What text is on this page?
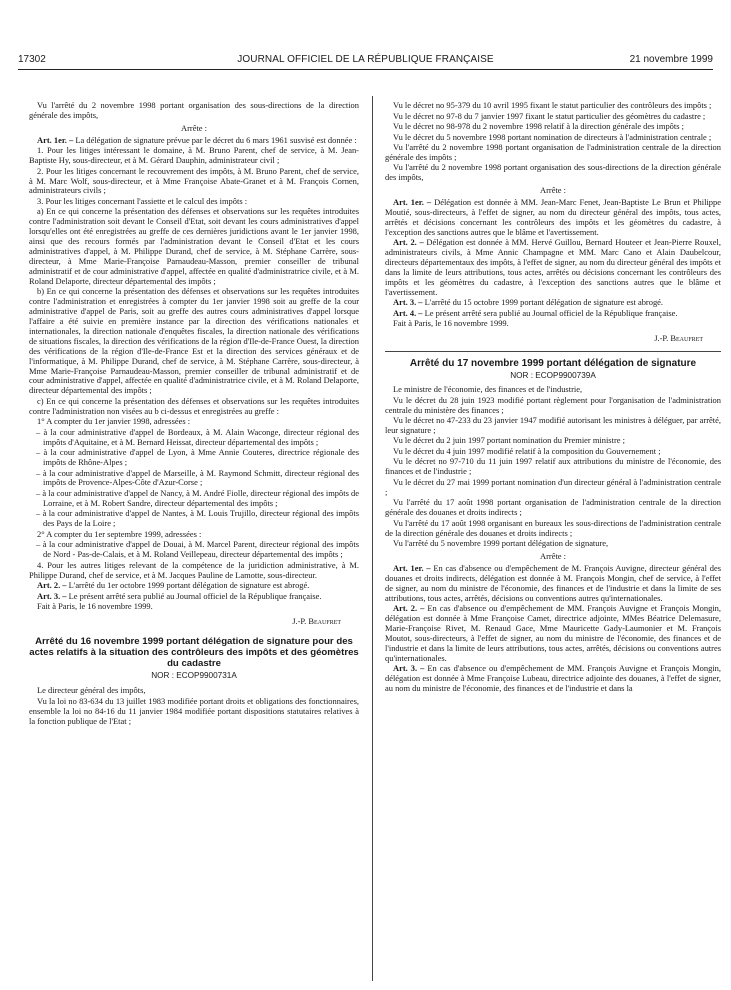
17302	JOURNAL OFFICIEL DE LA RÉPUBLIQUE FRANÇAISE	21 novembre 1999

Vu l'arrêté du 2 novembre 1998 portant organisation des sous-directions de la direction générale des impôts,

Arrête :

Art. 1er. – La délégation de signature prévue par le décret du 6 mars 1961 susvisé est donnée :

1. Pour les litiges intéressant le domaine, à M. Bruno Parent, chef de service, à M. Jean-Baptiste Hy, sous-directeur, et à M. Gérard Dauphin, administrateur civil ;

2. Pour les litiges concernant le recouvrement des impôts, à M. Bruno Parent, chef de service, à M. Marc Wolf, sous-directeur, et à Mme Françoise Abate-Granet et à M. François Cornen, administrateurs civils ;

3. Pour les litiges concernant l'assiette et le calcul des impôts :

a) En ce qui concerne la présentation des défenses et observations sur les requêtes introduites contre l'administration soit devant le Conseil d'Etat, soit devant les cours administratives d'appel lorsqu'elles ont été enregistrées au greffe de ces dernières juridictions avant le 1er janvier 1998, ainsi que des recours formés par l'administration devant le Conseil d'Etat et les cours administratives d'appel, à M. Philippe Durand, chef de service, à M. Stéphane Carrère, sous-directeur, à Mme Marie-Françoise Parnaudeau-Masson, premier conseiller de tribunal administratif et de cour administrative d'appel, affectée en qualité d'administratrice civile, et à M. Roland Delaporte, directeur départemental des impôts ;

b) En ce qui concerne la présentation des défenses et observations sur les requêtes introduites contre l'administration et enregistrées à compter du 1er janvier 1998 soit au greffe de la cour administrative d'appel de Paris, soit au greffe des autres cours administratives d'appel lorsque l'affaire a été suivie en première instance par la direction des vérifications nationales et internationales, la direction nationale d'enquêtes fiscales, la direction nationale des vérifications de situations fiscales, la direction des vérifications de la région d'Ile-de-France Ouest, la direction des vérifications de la région d'Ile-de-France Est et la direction des services généraux et de l'informatique, à M. Philippe Durand, chef de service, à M. Stéphane Carrère, sous-directeur, à Mme Marie-Françoise Parnaudeau-Masson, premier conseiller de tribunal administratif et de cour administrative d'appel, affectée en qualité d'administratrice civile, et à M. Roland Delaporte, directeur départemental des impôts ;

c) En ce qui concerne la présentation des défenses et observations sur les requêtes introduites contre l'administration non visées au b ci-dessus et enregistrées au greffe :

1° A compter du 1er janvier 1998, adressées :

– à la cour administrative d'appel de Bordeaux, à M. Alain Waconge, directeur régional des impôts d'Aquitaine, et à M. Bernard Heissat, directeur départemental des impôts ;

– à la cour administrative d'appel de Lyon, à Mme Annie Couteres, directrice régionale des impôts de Rhône-Alpes ;

– à la cour administrative d'appel de Marseille, à M. Raymond Schmitt, directeur régional des impôts de Provence-Alpes-Côte d'Azur-Corse ;

– à la cour administrative d'appel de Nancy, à M. André Fiolle, directeur régional des impôts de Lorraine, et à M. Robert Sandre, directeur départemental des impôts ;

– à la cour administrative d'appel de Nantes, à M. Louis Trujillo, directeur régional des impôts des Pays de la Loire ;

2° A compter du 1er septembre 1999, adressées :

– à la cour administrative d'appel de Douai, à M. Marcel Parent, directeur régional des impôts de Nord - Pas-de-Calais, et à M. Roland Veillepeau, directeur départemental des impôts ;

4. Pour les autres litiges relevant de la compétence de la juridiction administrative, à M. Philippe Durand, chef de service, et à M. Jacques Pauline de Lamotte, sous-directeur.

Art. 2. – L'arrêté du 1er octobre 1999 portant délégation de signature est abrogé.

Art. 3. – Le présent arrêté sera publié au Journal officiel de la République française.

Fait à Paris, le 16 novembre 1999.

J.-P. Beaufret

Arrêté du 16 novembre 1999 portant délégation de signature pour des actes relatifs à la situation des contrôleurs des impôts et des géomètres du cadastre
NOR : ECOP9900731A

Le directeur général des impôts,

Vu la loi no 83-634 du 13 juillet 1983 modifiée portant droits et obligations des fonctionnaires, ensemble la loi no 84-16 du 11 janvier 1984 modifiée portant dispositions statutaires relatives à la fonction publique de l'Etat ;

Vu le décret no 95-379 du 10 avril 1995 fixant le statut particulier des contrôleurs des impôts ;

Vu le décret no 97-8 du 7 janvier 1997 fixant le statut particulier des géomètres du cadastre ;

Vu le décret no 98-978 du 2 novembre 1998 relatif à la direction générale des impôts ;

Vu le décret du 5 novembre 1998 portant nomination de directeurs à l'administration centrale ;

Vu l'arrêté du 2 novembre 1998 portant organisation de l'administration centrale de la direction générale des impôts ;

Vu l'arrêté du 2 novembre 1998 portant organisation des sous-directions de la direction générale des impôts,

Arrête :

Art. 1er. – Délégation est donnée à MM. Jean-Marc Fenet, Jean-Baptiste Le Brun et Philippe Moutié, sous-directeurs, à l'effet de signer, au nom du directeur général des impôts, tous actes, arrêtés et décisions concernant les contrôleurs des impôts et les géomètres du cadastre, à l'exception des sanctions autres que le blâme et l'avertissement.

Art. 2. – Délégation est donnée à MM. Hervé Guillou, Bernard Houteer et Jean-Pierre Rouxel, administrateurs civils, à Mme Annic Champagne et MM. Marc Cano et Alain Daubelcour, directeurs départementaux des impôts, à l'effet de signer, au nom du directeur général des impôts et dans la limite de leurs attributions, tous actes, arrêtés ou décisions concernant les contrôleurs des impôts et les géomètres du cadastre, à l'exception des sanctions autres que le blâme et l'avertissement.

Art. 3. – L'arrêté du 15 octobre 1999 portant délégation de signature est abrogé.

Art. 4. – Le présent arrêté sera publié au Journal officiel de la République française.

Fait à Paris, le 16 novembre 1999.

J.-P. Beaufret

Arrêté du 17 novembre 1999 portant délégation de signature
NOR : ECOP9900739A

Le ministre de l'économie, des finances et de l'industrie,

Vu le décret du 28 juin 1923 modifié portant règlement pour l'organisation de l'administration centrale du ministère des finances ;

Vu le décret no 47-233 du 23 janvier 1947 modifié autorisant les ministres à déléguer, par arrêté, leur signature ;

Vu le décret du 2 juin 1997 portant nomination du Premier ministre ;

Vu le décret du 4 juin 1997 modifié relatif à la composition du Gouvernement ;

Vu le décret no 97-710 du 11 juin 1997 relatif aux attributions du ministre de l'économie, des finances et de l'industrie ;

Vu le décret du 27 mai 1999 portant nomination d'un directeur général à l'administration centrale ;

Vu l'arrêté du 17 août 1998 portant organisation de l'administration centrale de la direction générale des douanes et droits indirects ;

Vu l'arrêté du 17 août 1998 organisant en bureaux les sous-directions de l'administration centrale de la direction générale des douanes et droits indirects ;

Vu l'arrêté du 5 novembre 1999 portant délégation de signature,

Arrête :

Art. 1er. – En cas d'absence ou d'empêchement de M. François Auvigne, directeur général des douanes et droits indirects, délégation est donnée à M. François Mongin, chef de service, à l'effet de signer, au nom du ministre de l'économie, des finances et de l'industrie et dans la limite de ses attributions, tous actes, arrêtés, décisions ou conventions autres qu'internationales.

Art. 2. – En cas d'absence ou d'empêchement de MM. François Auvigne et François Mongin, délégation est donnée à Mme Françoise Camet, directrice adjointe, MMes Béatrice Delemasure, Marie-Françoise Rivet, M. Renaud Gace, Mme Mauricette Gady-Laumonier et M. François Moutot, sous-directeurs, à l'effet de signer, au nom du ministre de l'économie, des finances et de l'industrie et dans la limite de leurs attributions, tous actes, arrêtés, décisions ou conventions autres qu'internationales.

Art. 3. – En cas d'absence ou d'empêchement de MM. François Auvigne et François Mongin, délégation est donnée à Mme Françoise Lubeau, directrice adjointe des douanes, à l'effet de signer, au nom du ministre de l'économie, des finances et de l'industrie et dans la
